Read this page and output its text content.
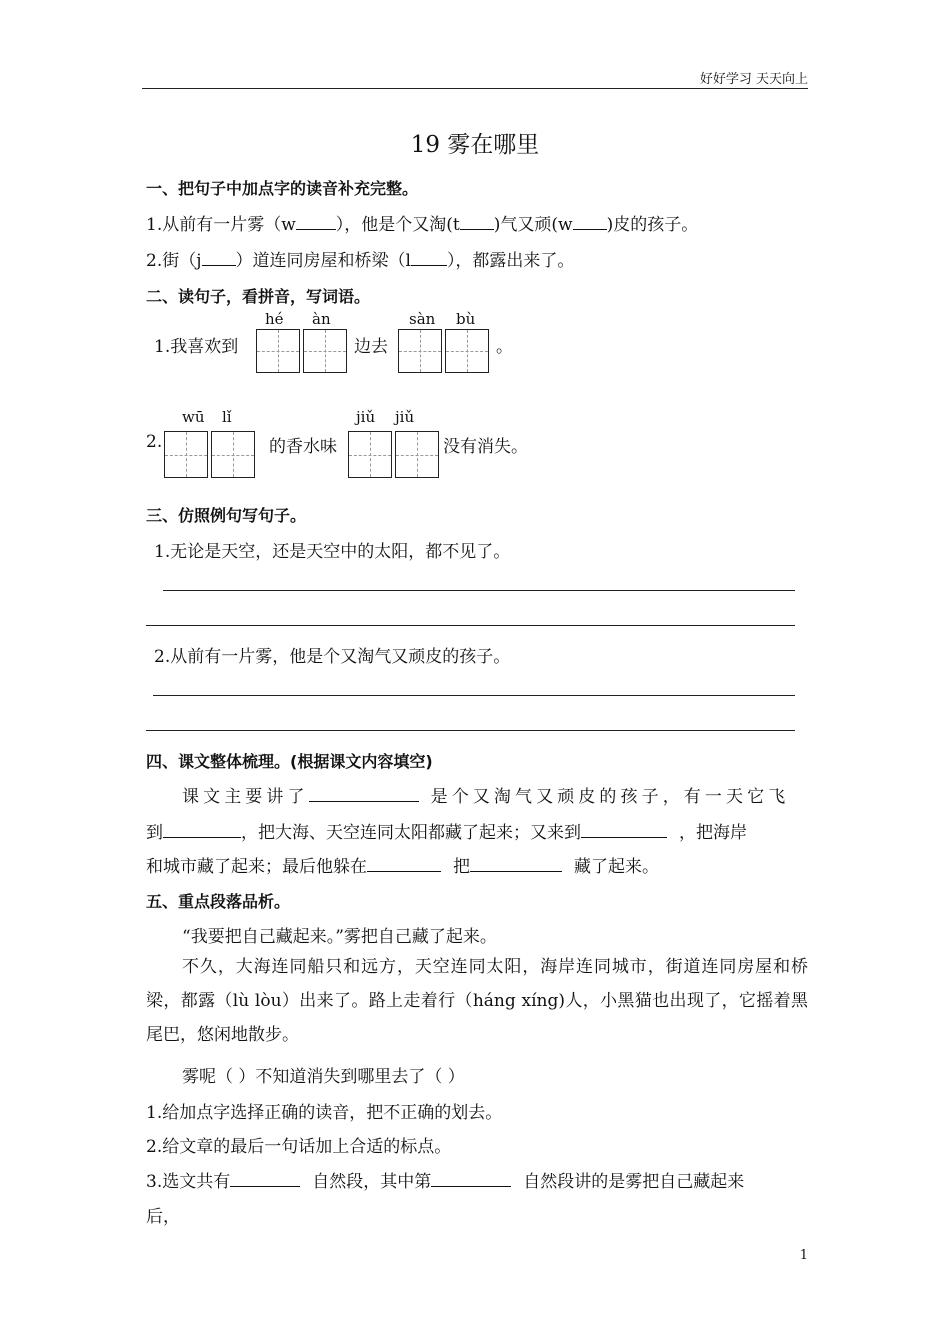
好好学习 天天向上
19 雾在哪里
一、把句子中加点字的读音补充完整。
1.从前有一片雾（w ），他是个又淘(t )气又顽(w )皮的孩子。
2.街（j ）道连同房屋和桥梁（l ），都露出来了。
二、读句子，看拼音，写词语。
1.我喜欢到
hé àn
边去
sàn bù
。
2.
wū lǐ
的香水味
jiǔ jiǔ
没有消失。
三、仿照例句写句子。
1.无论是天空，还是天空中的太阳，都不见了。
2.从前有一片雾，他是个又淘气又顽皮的孩子。
四、课文整体梳理。(根据课文内容填空)
课文主要讲了	是个又淘气又顽皮的孩子，有一天它飞
到	，把大海、天空连同太阳都藏了起来；又来到	，把海岸
和城市藏了起来；最后他躲在	把	藏了起来。
五、重点段落品析。
“我要把自己藏起来。”雾把自己藏了起来。
不久，大海连同船只和远方，天空连同太阳，海岸连同城市，街道连同房屋和桥梁，都露（lù lòu）出来了。路上走着行（háng xíng)人，小黑猫也出现了，它摇着黑尾巴，悠闲地散步。
雾呢（ ）不知道消失到哪里去了（ ）
1.给加点字选择正确的读音，把不正确的划去。
2.给文章的最后一句话加上合适的标点。
3.选文共有	自然段，其中第	自然段讲的是雾把自己藏起来
后，
1
